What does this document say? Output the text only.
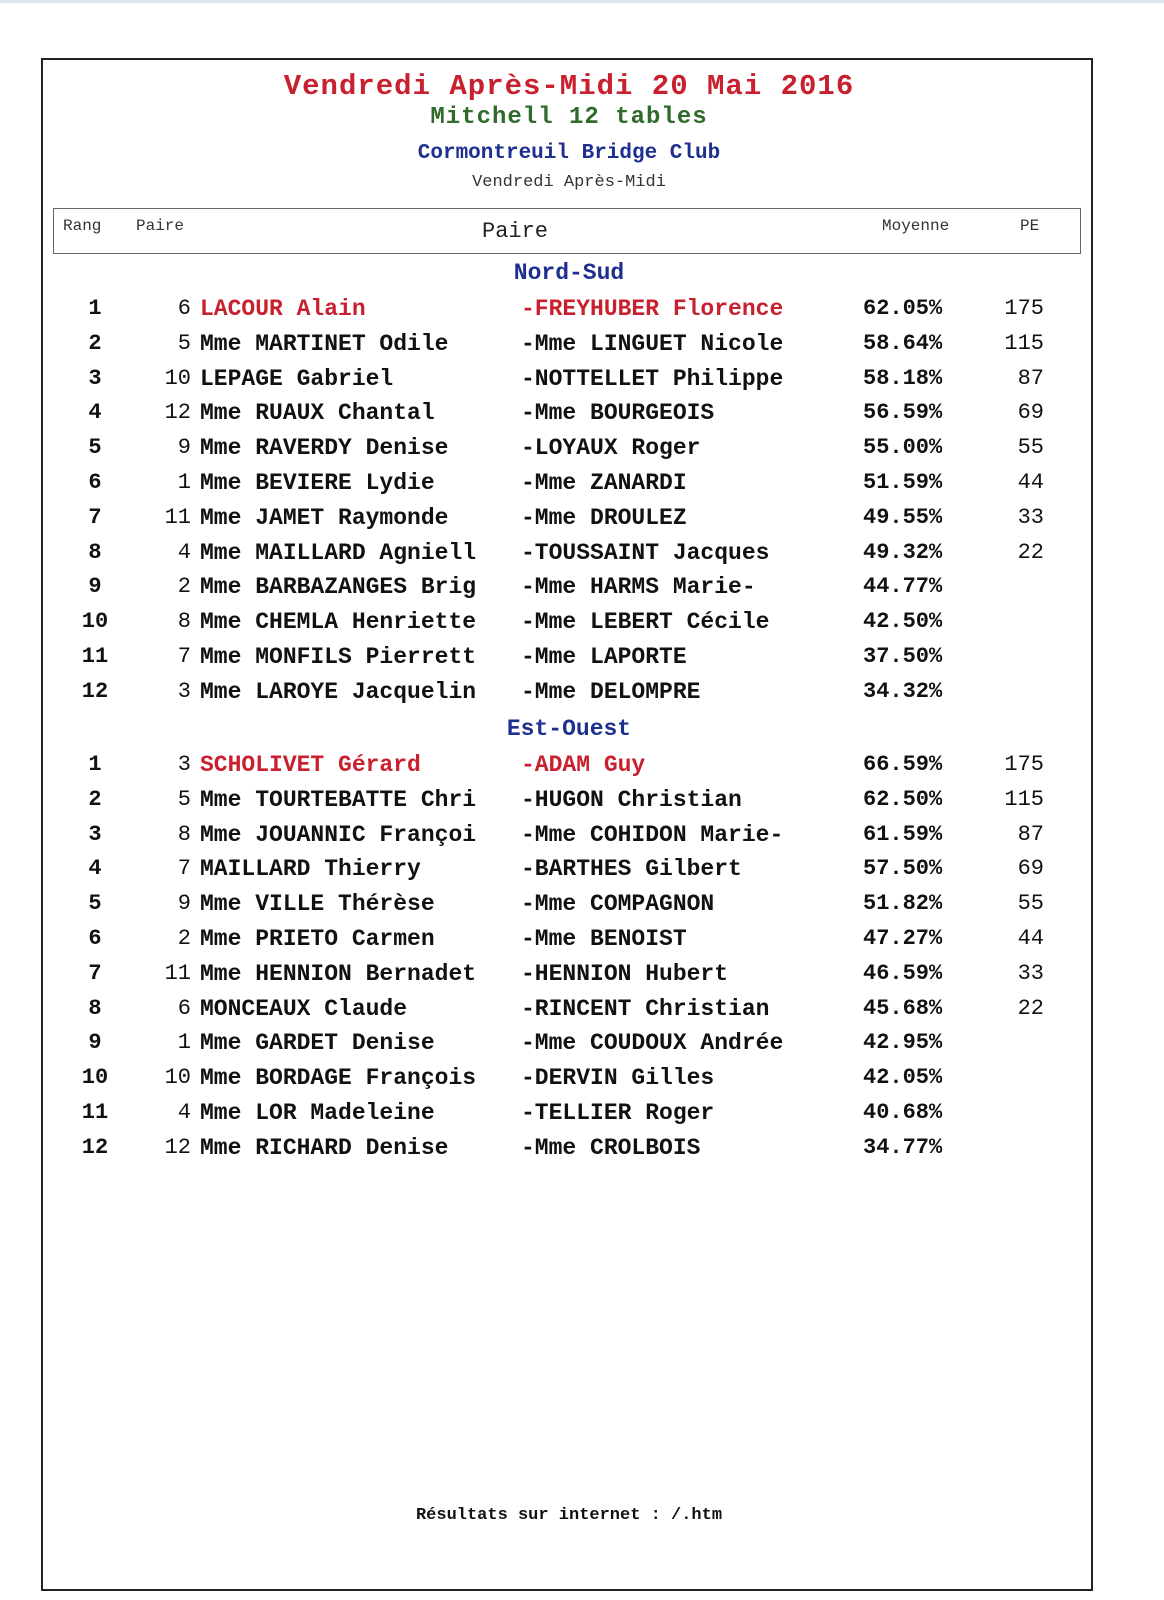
Vendredi Après-Midi 20 Mai 2016
Mitchell 12 tables
Cormontreuil Bridge Club
Vendredi Après-Midi
Rang Paire	Paire	Moyenne	PE
Nord-Sud
1	6 LACOUR Alain	-FREYHUBER Florence	62.05%	175
2	5 Mme MARTINET Odile	-Mme LINGUET Nicole	58.64%	115
3	10 LEPAGE Gabriel	-NOTTELLET Philippe	58.18%	87
4	12 Mme RUAUX Chantal	-Mme BOURGEOIS	56.59%	69
5	9 Mme RAVERDY Denise	-LOYAUX Roger	55.00%	55
6	1 Mme BEVIERE Lydie	-Mme ZANARDI	51.59%	44
7	11 Mme JAMET Raymonde	-Mme DROULEZ	49.55%	33
8	4 Mme MAILLARD Agniell -TOUSSAINT Jacques	49.32%	22
9	2 Mme BARBAZANGES Brig -Mme HARMS Marie-	44.77%
10	8 Mme CHEMLA Henriette -Mme LEBERT Cécile	42.50%
11	7 Mme MONFILS Pierrett -Mme LAPORTE	37.50%
12	3 Mme LAROYE Jacquelin -Mme DELOMPRE	34.32%
Est-Ouest
1	3 SCHOLIVET Gérard	-ADAM Guy	66.59%	175
2	5 Mme TOURTEBATTE Chri -HUGON Christian	62.50%	115
3	8 Mme JOUANNIC Françoi -Mme COHIDON Marie-	61.59%	87
4	7 MAILLARD Thierry	-BARTHES Gilbert	57.50%	69
5	9 Mme VILLE Thérèse	-Mme COMPAGNON	51.82%	55
6	2 Mme PRIETO Carmen	-Mme BENOIST	47.27%	44
7	11 Mme HENNION Bernadet -HENNION Hubert	46.59%	33
8	6 MONCEAUX Claude	-RINCENT Christian	45.68%	22
9	1 Mme GARDET Denise	-Mme COUDOUX Andrée	42.95%
10	10 Mme BORDAGE François -DERVIN Gilles	42.05%
11	4 Mme LOR Madeleine	-TELLIER Roger	40.68%
12	12 Mme RICHARD Denise	-Mme CROLBOIS	34.77%
Résultats sur internet : /.htm
